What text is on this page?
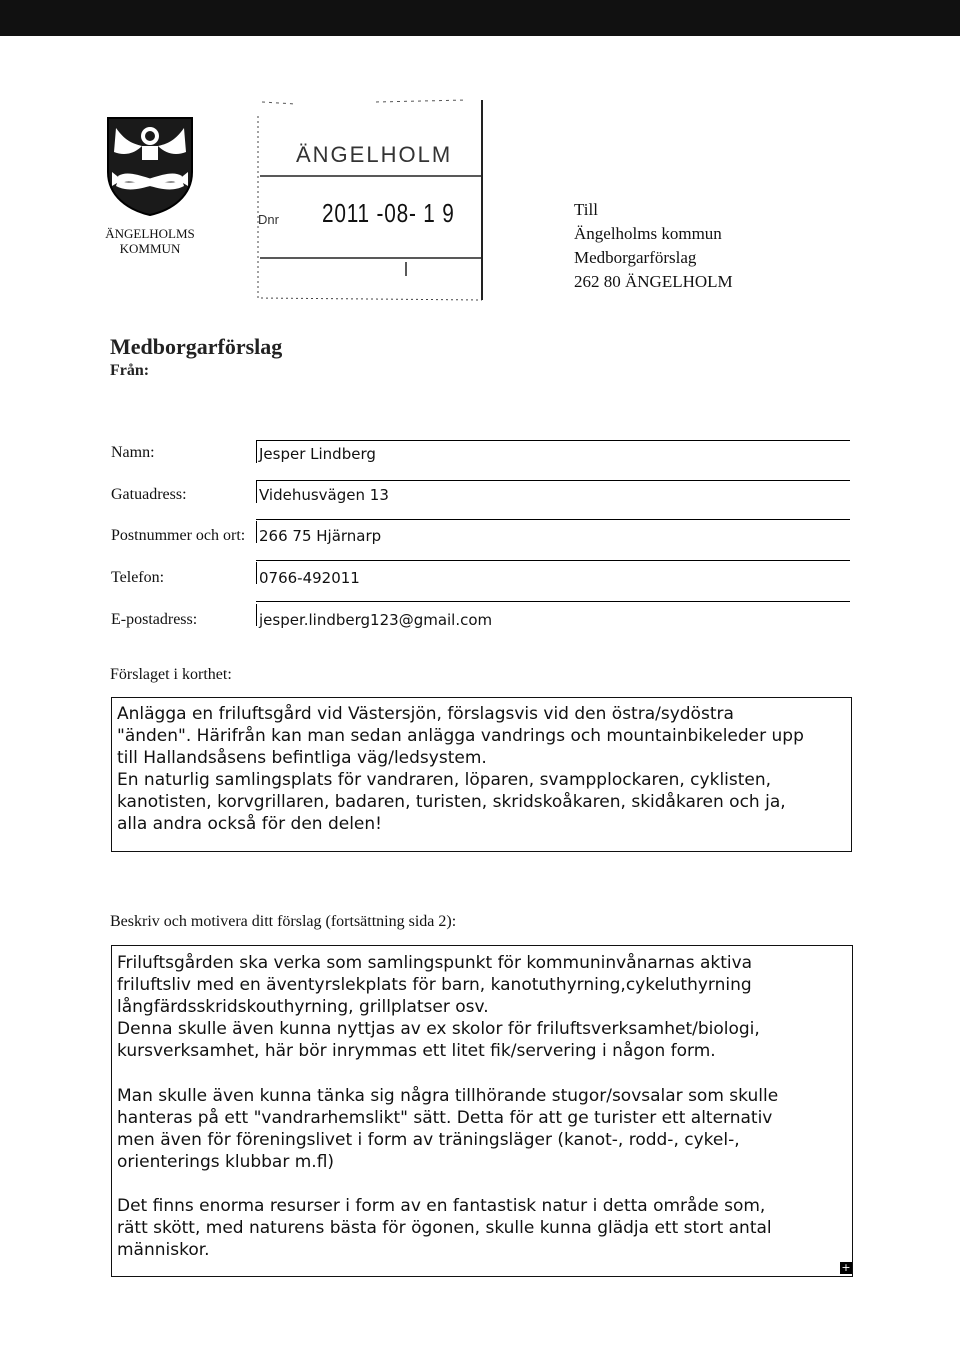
ÄNGELHOLMS KOMMUN
ÄNGELHOLM
Dnr 2011 -08- 1 9	Till
Ängelholms kommun
Medborgarförslag
262 80 ÄNGELHOLM
Medborgarförslag
Från:
Namn:	Jesper Lindberg
Gatuadress:	Videhusvägen 13
Postnummer och ort: 266 75 Hjärnarp
Telefon:	0766-492011
E-postadress:	jesper.lindberg123@gmail.com
Förslaget i korthet:
Anlägga en friluftsgård vid Västersjön, förslagsvis vid den östra/sydöstra
"änden". Härifrån kan man sedan anlägga vandrings och mountainbikeleder upp
till Hallandsåsens befintliga väg/ledsystem.
En naturlig samlingsplats för vandraren, löparen, svampplockaren, cyklisten,
kanotisten, korvgrillaren, badaren, turisten, skridskoåkaren, skidåkaren och ja,
alla andra också för den delen!
Beskriv och motivera ditt förslag (fortsättning sida 2):
Friluftsgården ska verka som samlingspunkt för kommuninvånarnas aktiva
friluftsliv med en äventyrslekplats för barn, kanotuthyrning,cykeluthyrning
långfärdsskridskouthyrning, grillplatser osv.
Denna skulle även kunna nyttjas av ex skolor för friluftsverksamhet/biologi,
kursverksamhet, här bör inrymmas ett litet fik/servering i någon form.
Man skulle även kunna tänka sig några tillhörande stugor/sovsalar som skulle
hanteras på ett "vandrarhemslikt" sätt. Detta för att ge turister ett alternativ
men även för föreningslivet i form av träningsläger (kanot-, rodd-, cykel-,
orienterings klubbar m.fl)
Det finns enorma resurser i form av en fantastisk natur i detta område som,
rätt skött, med naturens bästa för ögonen, skulle kunna glädja ett stort antal
människor.
+
